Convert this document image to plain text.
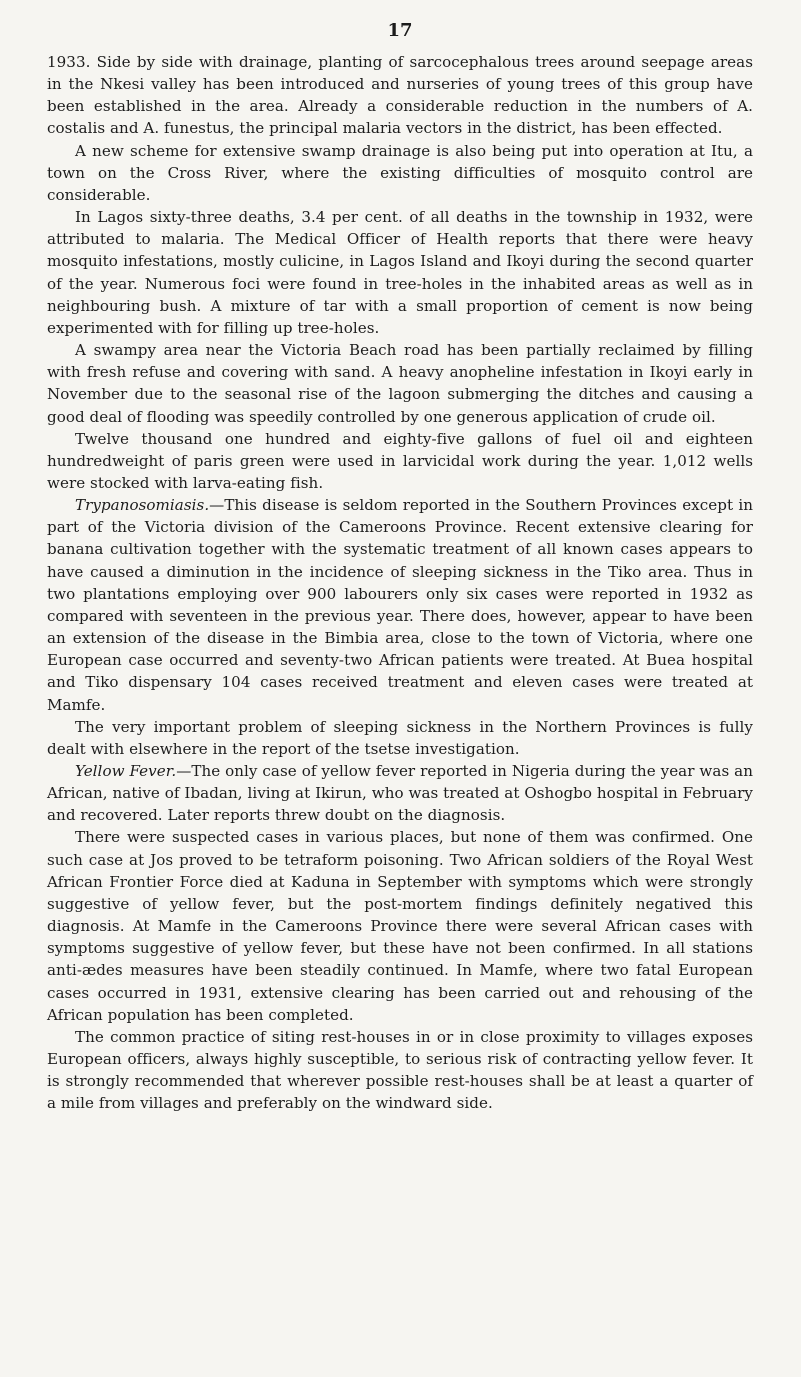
17

1933. Side by side with drainage, planting of sarcocephalous trees around seepage areas in the Nkesi valley has been introduced and nurseries of young trees of this group have been established in the area. Already a considerable reduction in the numbers of A. costalis and A. funestus, the principal malaria vectors in the district, has been effected.

A new scheme for extensive swamp drainage is also being put into operation at Itu, a town on the Cross River, where the existing difficulties of mosquito control are considerable.

In Lagos sixty-three deaths, 3.4 per cent. of all deaths in the township in 1932, were attributed to malaria. The Medical Officer of Health reports that there were heavy mosquito infestations, mostly culicine, in Lagos Island and Ikoyi during the second quarter of the year. Numerous foci were found in tree-holes in the inhabited areas as well as in neighbouring bush. A mixture of tar with a small proportion of cement is now being experimented with for filling up tree-holes.

A swampy area near the Victoria Beach road has been partially reclaimed by filling with fresh refuse and covering with sand. A heavy anopheline infestation in Ikoyi early in November due to the seasonal rise of the lagoon submerging the ditches and causing a good deal of flooding was speedily controlled by one generous application of crude oil.

Twelve thousand one hundred and eighty-five gallons of fuel oil and eighteen hundredweight of paris green were used in larvicidal work during the year. 1,012 wells were stocked with larva-eating fish.

Trypanosomiasis.—This disease is seldom reported in the Southern Provinces except in part of the Victoria division of the Cameroons Province. Recent extensive clearing for banana cultivation together with the systematic treatment of all known cases appears to have caused a diminution in the incidence of sleeping sickness in the Tiko area. Thus in two plantations employing over 900 labourers only six cases were reported in 1932 as compared with seventeen in the previous year. There does, however, appear to have been an extension of the disease in the Bimbia area, close to the town of Victoria, where one European case occurred and seventy-two African patients were treated. At Buea hospital and Tiko dispensary 104 cases received treatment and eleven cases were treated at Mamfe.

The very important problem of sleeping sickness in the Northern Provinces is fully dealt with elsewhere in the report of the tsetse investigation.

Yellow Fever.—The only case of yellow fever reported in Nigeria during the year was an African, native of Ibadan, living at Ikirun, who was treated at Oshogbo hospital in February and recovered. Later reports threw doubt on the diagnosis.

There were suspected cases in various places, but none of them was confirmed. One such case at Jos proved to be tetraform poisoning. Two African soldiers of the Royal West African Frontier Force died at Kaduna in September with symptoms which were strongly suggestive of yellow fever, but the post-mortem findings definitely negatived this diagnosis. At Mamfe in the Cameroons Province there were several African cases with symptoms suggestive of yellow fever, but these have not been confirmed. In all stations anti-ædes measures have been steadily continued. In Mamfe, where two fatal European cases occurred in 1931, extensive clearing has been carried out and rehousing of the African population has been completed.

The common practice of siting rest-houses in or in close proximity to villages exposes European officers, always highly susceptible, to serious risk of contracting yellow fever. It is strongly recommended that wherever possible rest-houses shall be at least a quarter of a mile from villages and preferably on the windward side.
